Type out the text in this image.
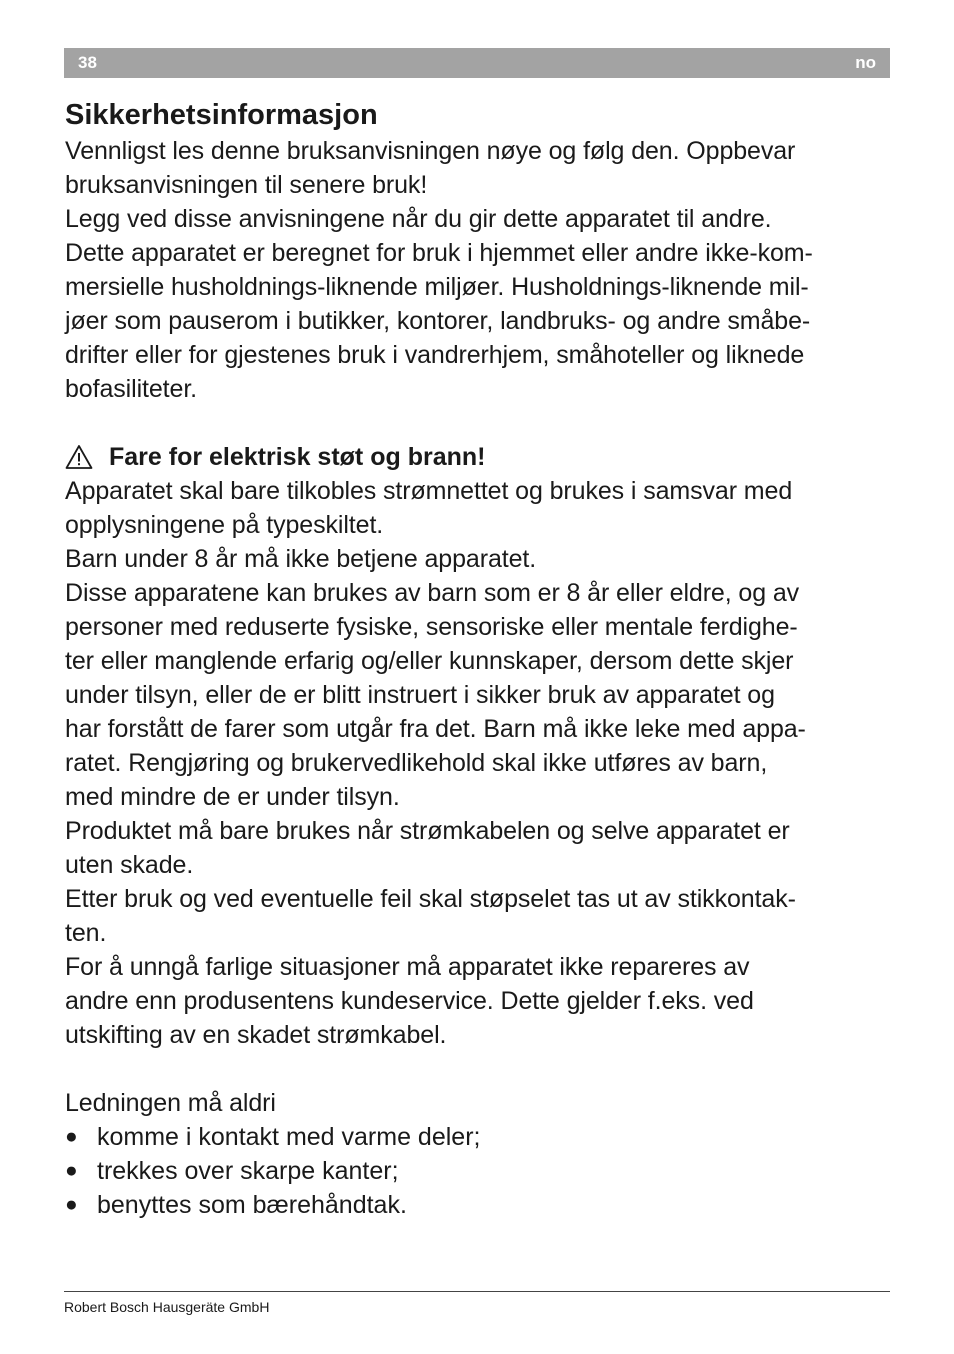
38	no
Sikkerhetsinformasjon

Vennligst les denne bruksanvisningen nøye og følg den. Oppbevar

bruksanvisningen til senere bruk!

Legg ved disse anvisningene når du gir dette apparatet til andre.

Dette apparatet er beregnet for bruk i hjemmet eller andre ikke-kom-

mersielle husholdnings-liknende miljøer. Husholdnings-liknende mil-

jøer som pauserom i butikker, kontorer, landbruks- og andre småbe-

drifter eller for gjestenes bruk i vandrerhjem, småhoteller og liknede

bofasiliteter.

Fare for elektrisk støt og brann!

Apparatet skal bare tilkobles strømnettet og brukes i samsvar med

opplysningene på typeskiltet.

Barn under 8 år må ikke betjene apparatet.

Disse apparatene kan brukes av barn som er 8 år eller eldre, og av

personer med reduserte fysiske, sensoriske eller mentale ferdighe-

ter eller manglende erfarig og/eller kunnskaper, dersom dette skjer

under tilsyn, eller de er blitt instruert i sikker bruk av apparatet og

har forstått de farer som utgår fra det. Barn må ikke leke med appa-

ratet. Rengjøring og brukervedlikehold skal ikke utføres av barn,

med mindre de er under tilsyn.

Produktet må bare brukes når strømkabelen og selve apparatet er

uten skade.

Etter bruk og ved eventuelle feil skal støpselet tas ut av stikkontak-

ten.

For å unngå farlige situasjoner må apparatet ikke repareres av

andre enn produsentens kundeservice. Dette gjelder f.eks. ved

utskifting av en skadet strømkabel.

Ledningen må aldri

● komme i kontakt med varme deler;
● trekkes over skarpe kanter;
● benyttes som bærehåndtak.
Robert Bosch Hausgeräte GmbH
